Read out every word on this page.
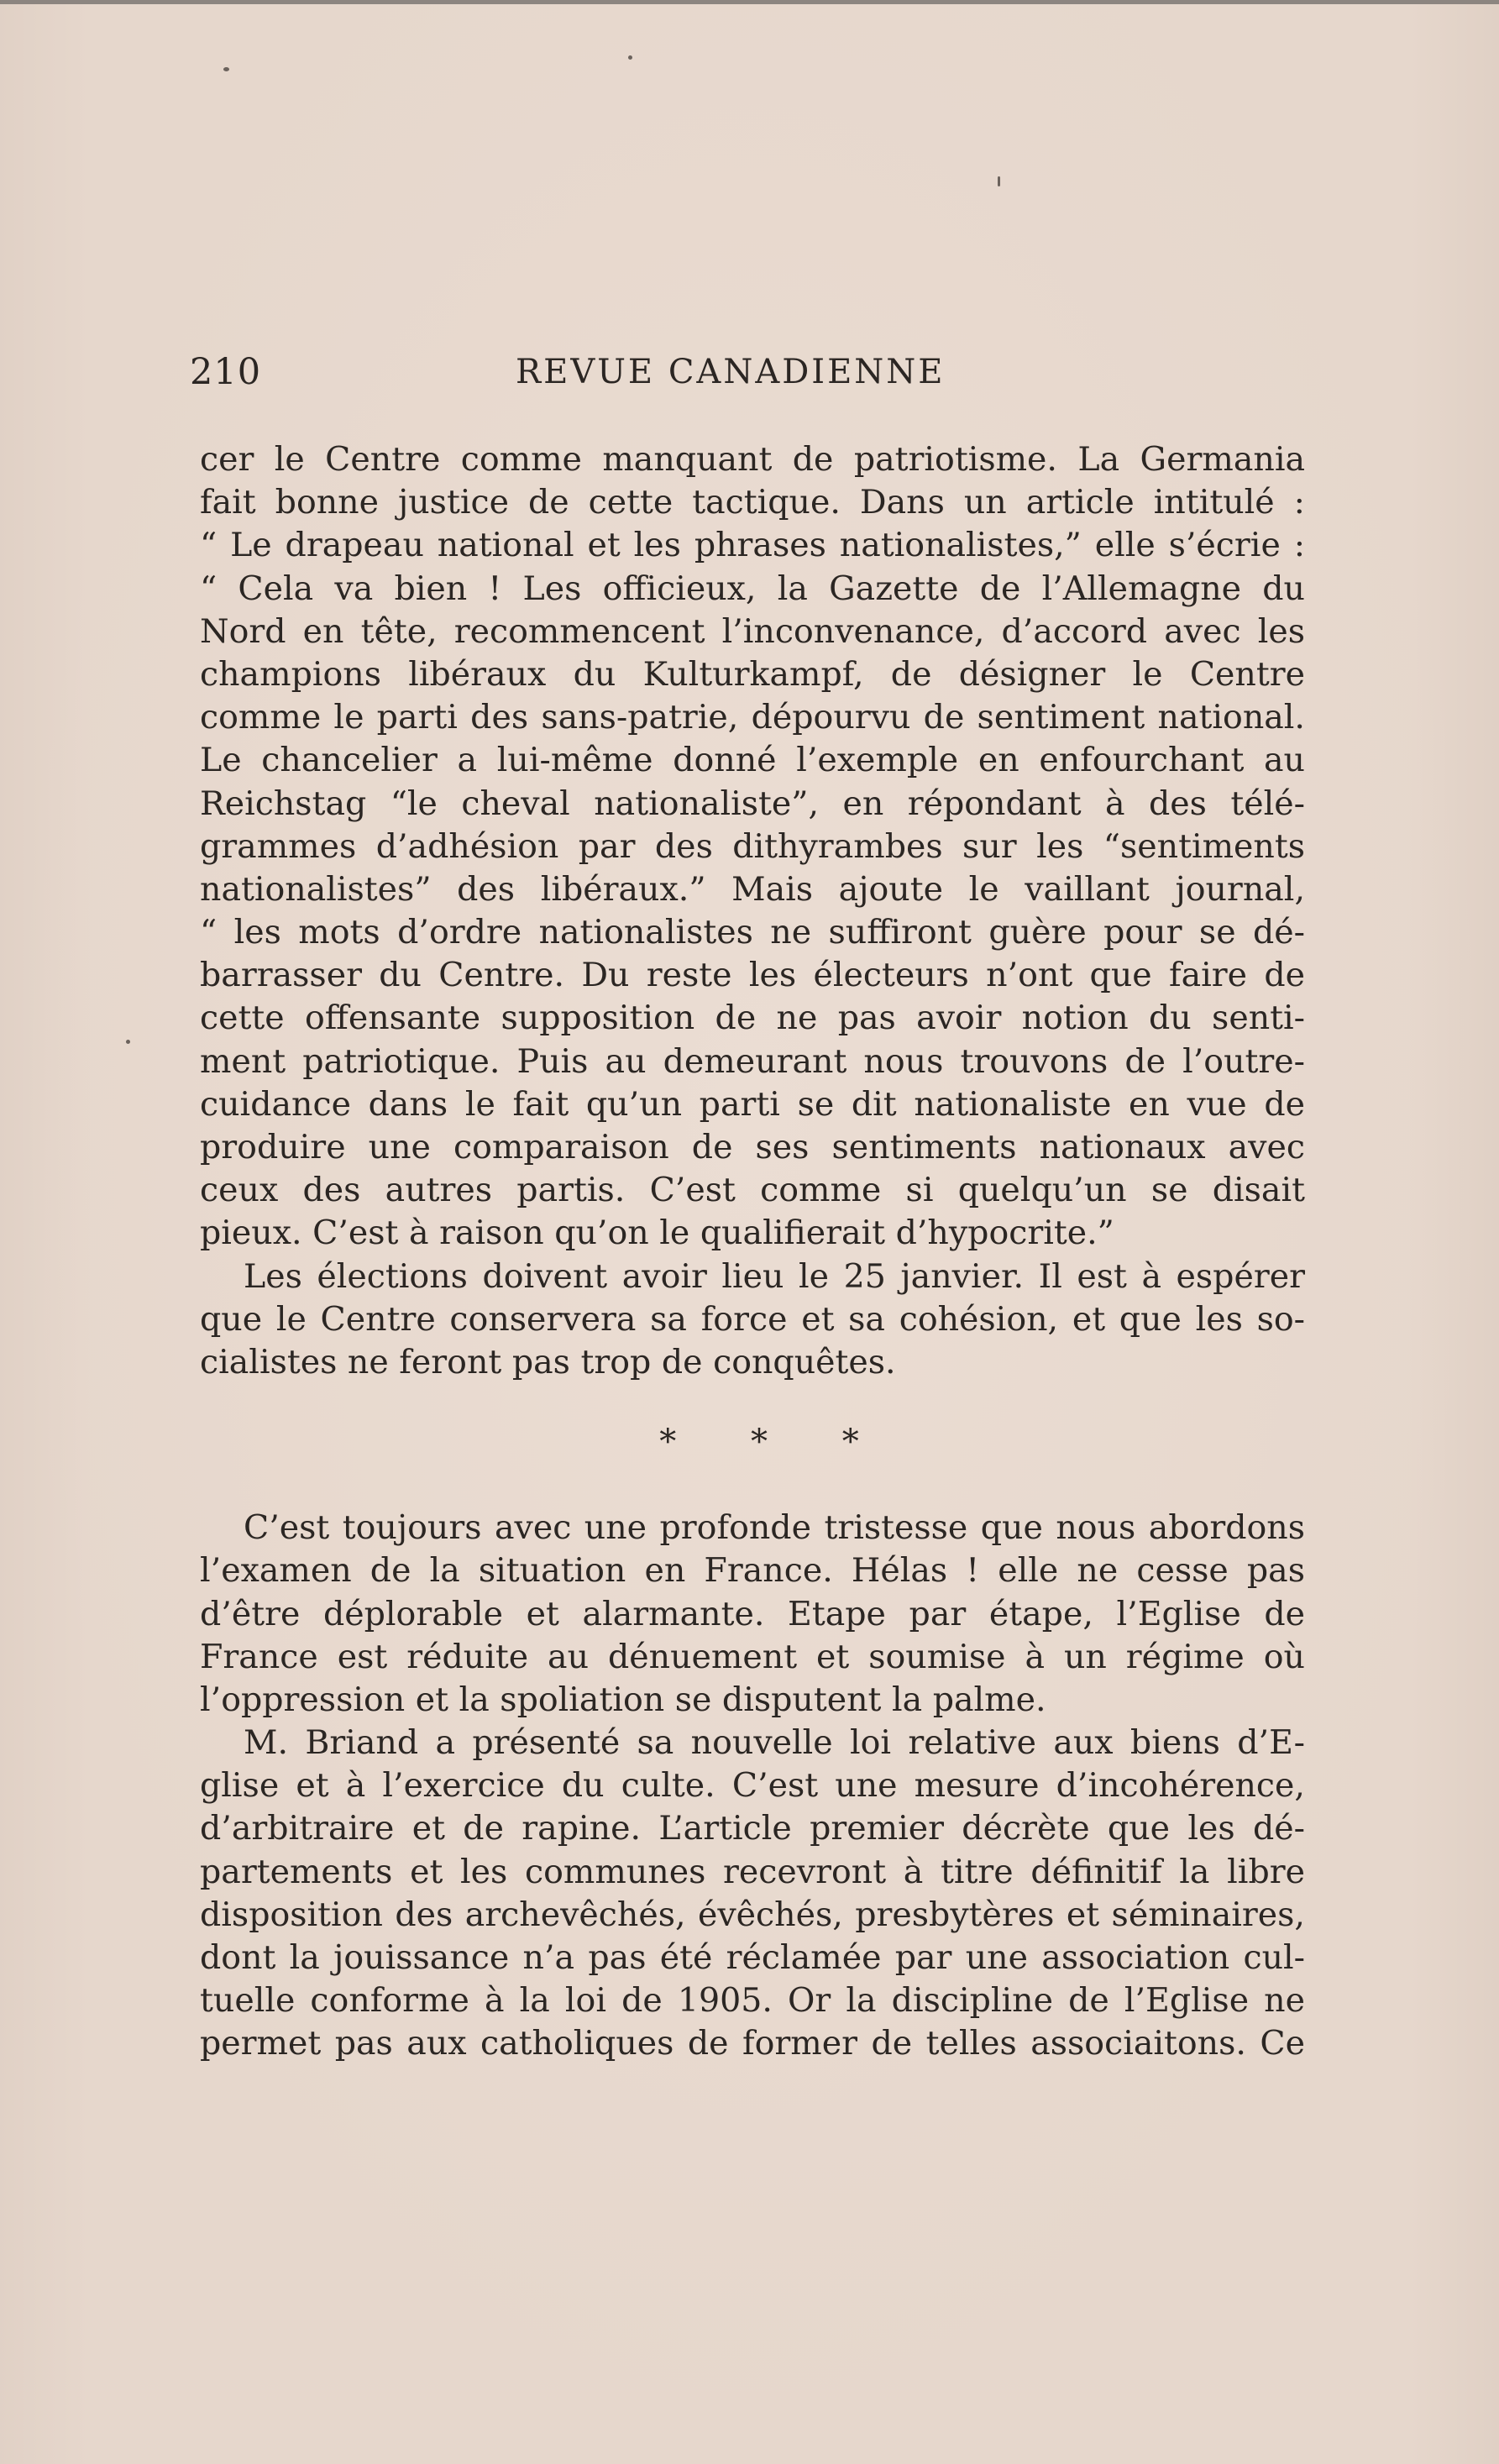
210	REVUE CANADIENNE
cer le Centre comme manquant de patriotisme. La Germania
fait bonne justice de cette tactique. Dans un article intitulé :
“ Le drapeau national et les phrases nationalistes,” elle s’écrie :
“ Cela va bien ! Les officieux, la Gazette de l’Allemagne du
Nord en tête, recommencent l’inconvenance, d’accord avec les
champions libéraux du Kulturkampf, de désigner le Centre
comme le parti des sans-patrie, dépourvu de sentiment national.
Le chancelier a lui-même donné l’exemple en enfourchant au
Reichstag “le cheval nationaliste”, en répondant à des télé-
grammes d’adhésion par des dithyrambes sur les “sentiments
nationalistes” des libéraux.” Mais ajoute le vaillant journal,
“ les mots d’ordre nationalistes ne suffiront guère pour se dé-
barrasser du Centre. Du reste les électeurs n’ont que faire de
cette offensante supposition de ne pas avoir notion du senti-
ment patriotique. Puis au demeurant nous trouvons de l’outre-
cuidance dans le fait qu’un parti se dit nationaliste en vue de
produire une comparaison de ses sentiments nationaux avec
ceux des autres partis. C’est comme si quelqu’un se disait
pieux. C’est à raison qu’on le qualifierait d’hypocrite.”
Les élections doivent avoir lieu le 25 janvier. Il est à espérer
que le Centre conservera sa force et sa cohésion, et que les so-
cialistes ne feront pas trop de conquêtes.
* * *
C’est toujours avec une profonde tristesse que nous abordons
l’examen de la situation en France. Hélas ! elle ne cesse pas
d’être déplorable et alarmante. Etape par étape, l’Eglise de
France est réduite au dénuement et soumise à un régime où
l’oppression et la spoliation se disputent la palme.
M. Briand a présenté sa nouvelle loi relative aux biens d’E-
glise et à l’exercice du culte. C’est une mesure d’incohérence,
d’arbitraire et de rapine. L’article premier décrète que les dé-
partements et les communes recevront à titre définitif la libre
disposition des archevêchés, évêchés, presbytères et séminaires,
dont la jouissance n’a pas été réclamée par une association cul-
tuelle conforme à la loi de 1905. Or la discipline de l’Eglise ne
permet pas aux catholiques de former de telles associaitons. Ce
